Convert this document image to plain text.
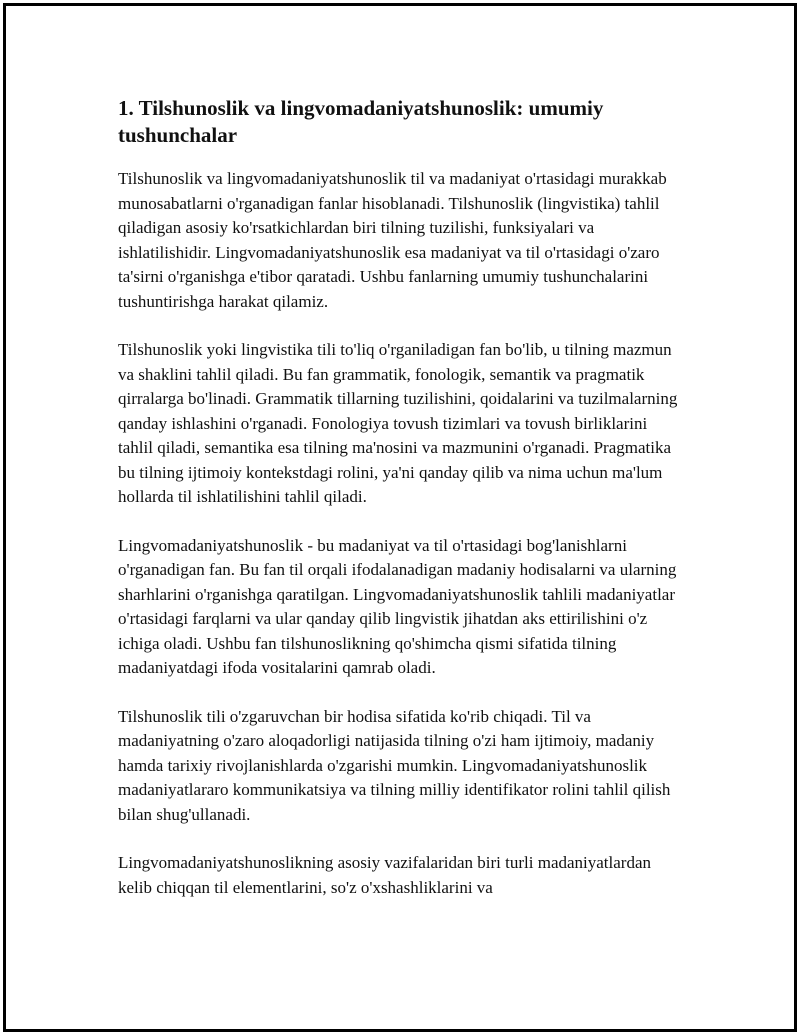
1. Tilshunoslik va lingvomadaniyatshunoslik: umumiy tushunchalar

Tilshunoslik va lingvomadaniyatshunoslik til va madaniyat o'rtasidagi murakkab munosabatlarni o'rganadigan fanlar hisoblanadi. Tilshunoslik (lingvistika) tahlil qiladigan asosiy ko'rsatkichlardan biri tilning tuzilishi, funksiyalari va ishlatilishidir. Lingvomadaniyatshunoslik esa madaniyat va til o'rtasidagi o'zaro ta'sirni o'rganishga e'tibor qaratadi. Ushbu fanlarning umumiy tushunchalarini tushuntirishga harakat qilamiz.

Tilshunoslik yoki lingvistika tili to'liq o'rganiladigan fan bo'lib, u tilning mazmun va shaklini tahlil qiladi. Bu fan grammatik, fonologik, semantik va pragmatik qirralarga bo'linadi. Grammatik tillarning tuzilishini, qoidalarini va tuzilmalarning qanday ishlashini o'rganadi. Fonologiya tovush tizimlari va tovush birliklarini tahlil qiladi, semantika esa tilning ma'nosini va mazmunini o'rganadi. Pragmatika bu tilning ijtimoiy kontekstdagi rolini, ya'ni qanday qilib va nima uchun ma'lum hollarda til ishlatilishini tahlil qiladi.

Lingvomadaniyatshunoslik - bu madaniyat va til o'rtasidagi bog'lanishlarni o'rganadigan fan. Bu fan til orqali ifodalanadigan madaniy hodisalarni va ularning sharhlarini o'rganishga qaratilgan. Lingvomadaniyatshunoslik tahlili madaniyatlar o'rtasidagi farqlarni va ular qanday qilib lingvistik jihatdan aks ettirilishini o'z ichiga oladi. Ushbu fan tilshunoslikning qo'shimcha qismi sifatida tilning madaniyatdagi ifoda vositalarini qamrab oladi.

Tilshunoslik tili o'zgaruvchan bir hodisa sifatida ko'rib chiqadi. Til va madaniyatning o'zaro aloqadorligi natijasida tilning o'zi ham ijtimoiy, madaniy hamda tarixiy rivojlanishlarda o'zgarishi mumkin. Lingvomadaniyatshunoslik madaniyatlararo kommunikatsiya va tilning milliy identifikator rolini tahlil qilish bilan shug'ullanadi.

Lingvomadaniyatshunoslikning asosiy vazifalaridan biri turli madaniyatlardan kelib chiqqan til elementlarini, so'z o'xshashliklarini va
